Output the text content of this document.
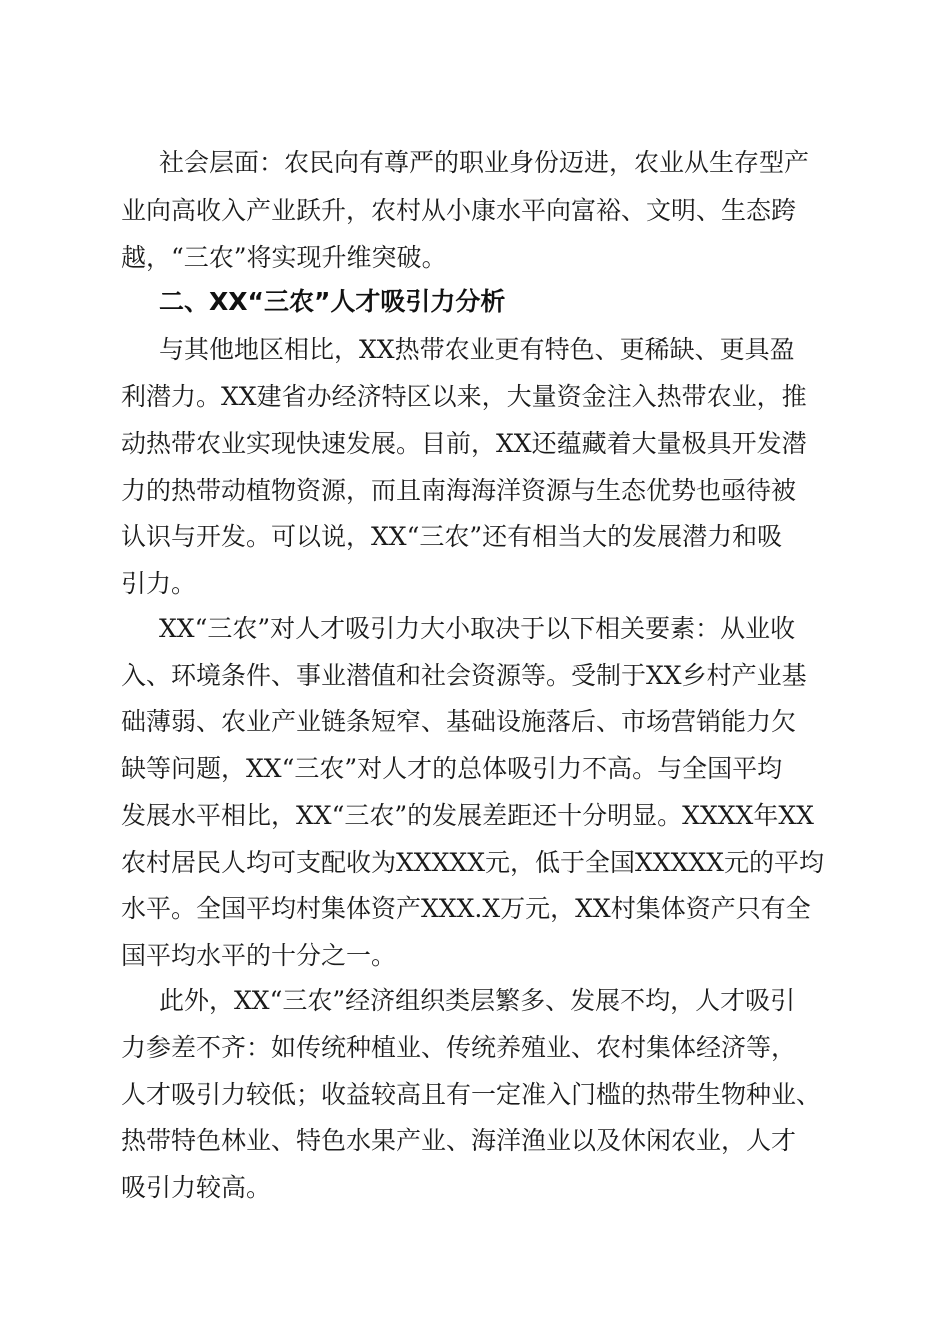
社会层面：农民向有尊严的职业身份迈进，农业从生存型产
业向高收入产业跃升，农村从小康水平向富裕、文明、生态跨
越，“三农”将实现升维突破。
二、XX“三农”人才吸引力分析
与其他地区相比，XX热带农业更有特色、更稀缺、更具盈
利潜力。XX建省办经济特区以来，大量资金注入热带农业，推
动热带农业实现快速发展。目前，XX还蕴藏着大量极具开发潜
力的热带动植物资源，而且南海海洋资源与生态优势也亟待被
认识与开发。可以说，XX“三农”还有相当大的发展潜力和吸
引力。
XX“三农”对人才吸引力大小取决于以下相关要素：从业收
入、环境条件、事业潜值和社会资源等。受制于XX乡村产业基
础薄弱、农业产业链条短窄、基础设施落后、市场营销能力欠
缺等问题，XX“三农”对人才的总体吸引力不高。与全国平均
发展水平相比，XX“三农”的发展差距还十分明显。XXXX年XX
农村居民人均可支配收为XXXXX元，低于全国XXXXX元的平均
水平。全国平均村集体资产XXX.X万元，XX村集体资产只有全
国平均水平的十分之一。
此外，XX“三农”经济组织类层繁多、发展不均，人才吸引
力参差不齐：如传统种植业、传统养殖业、农村集体经济等，
人才吸引力较低；收益较高且有一定准入门槛的热带生物种业、
热带特色林业、特色水果产业、海洋渔业以及休闲农业，人才
吸引力较高。
